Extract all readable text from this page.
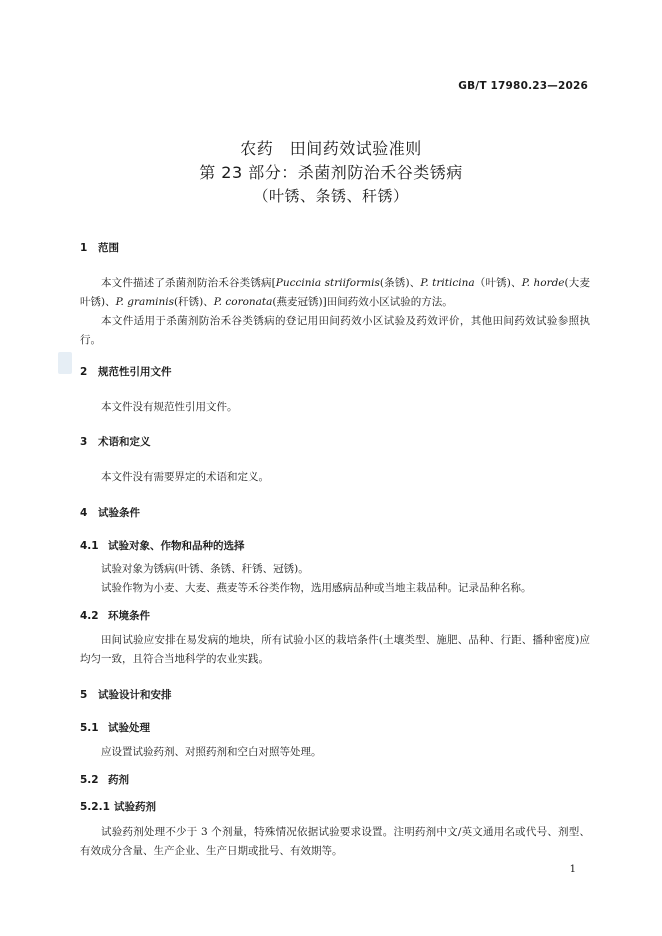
GB/T 17980.23—2026
农药　田间药效试验准则
第 23 部分：杀菌剂防治禾谷类锈病
（叶锈、条锈、秆锈）
1 范围
本文件描述了杀菌剂防治禾谷类锈病[Puccinia striiformis(条锈)、P. triticina（叶锈)、P. horde(大麦叶锈)、P. graminis(秆锈)、P. coronata(燕麦冠锈)]田间药效小区试验的方法。
本文件适用于杀菌剂防治禾谷类锈病的登记用田间药效小区试验及药效评价，其他田间药效试验参照执行。
2 规范性引用文件
本文件没有规范性引用文件。
3 术语和定义
本文件没有需要界定的术语和定义。
4 试验条件
4.1 试验对象、作物和品种的选择
试验对象为锈病(叶锈、条锈、秆锈、冠锈)。
试验作物为小麦、大麦、燕麦等禾谷类作物，选用感病品种或当地主栽品种。记录品种名称。
4.2 环境条件
田间试验应安排在易发病的地块，所有试验小区的栽培条件(土壤类型、施肥、品种、行距、播种密度)应均匀一致，且符合当地科学的农业实践。
5 试验设计和安排
5.1 试验处理
应设置试验药剂、对照药剂和空白对照等处理。
5.2 药剂
5.2.1 试验药剂
试验药剂处理不少于 3 个剂量，特殊情况依据试验要求设置。注明药剂中文/英文通用名或代号、剂型、有效成分含量、生产企业、生产日期或批号、有效期等。
1
